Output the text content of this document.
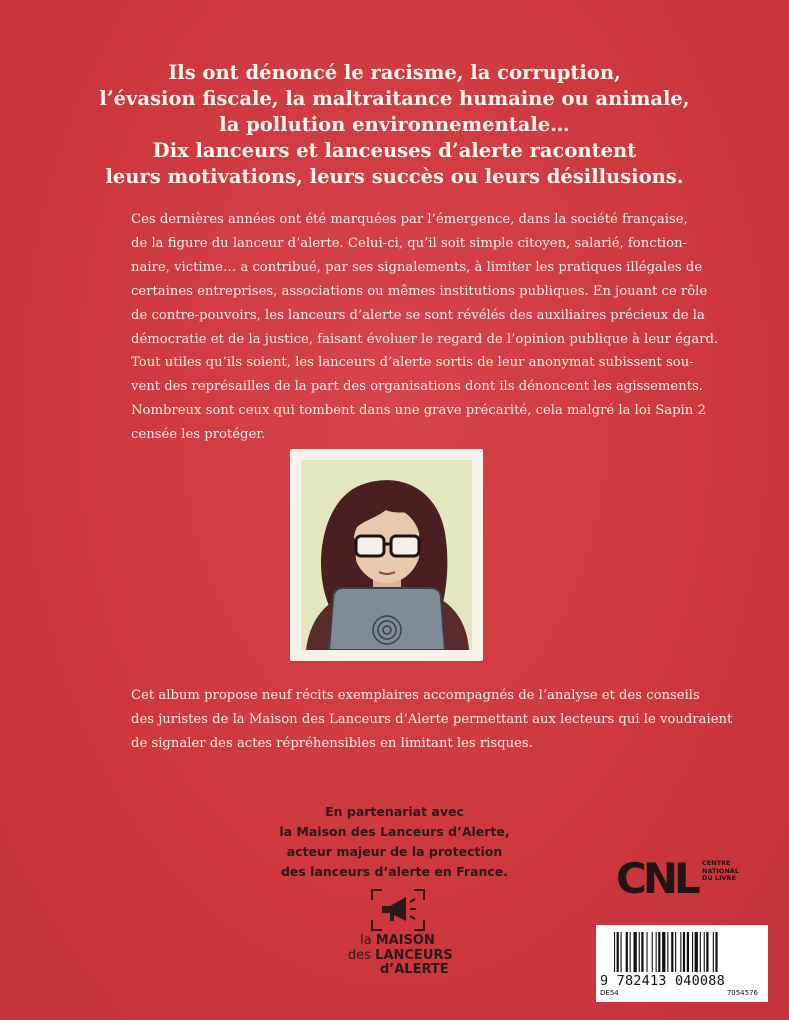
Ils ont dénoncé le racisme, la corruption,
l’évasion fiscale, la maltraitance humaine ou animale,
la pollution environnementale…
Dix lanceurs et lanceuses d’alerte racontent
leurs motivations, leurs succès ou leurs désillusions.
Ces dernières années ont été marquées par l’émergence, dans la société française,
de la figure du lanceur d’alerte. Celui-ci, qu’il soit simple citoyen, salarié, fonction-
naire, victime… a contribué, par ses signalements, à limiter les pratiques illégales de
certaines entreprises, associations ou mêmes institutions publiques. En jouant ce rôle
de contre-pouvoirs, les lanceurs d’alerte se sont révélés des auxiliaires précieux de la
démocratie et de la justice, faisant évoluer le regard de l’opinion publique à leur égard.
Tout utiles qu’ils soient, les lanceurs d’alerte sortis de leur anonymat subissent sou-
vent des représailles de la part des organisations dont ils dénoncent les agissements.
Nombreux sont ceux qui tombent dans une grave précarité, cela malgré la loi Sapin 2
censée les protéger.
Cet album propose neuf récits exemplaires accompagnés de l’analyse et des conseils
des juristes de la Maison des Lanceurs d’Alerte permettant aux lecteurs qui le voudraient
de signaler des actes répréhensibles en limitant les risques.
En partenariat avec
la Maison des Lanceurs d’Alerte,
acteur majeur de la protection
des lanceurs d’alerte en France.
la MAISON
des LANCEURS
d’ALERTE
CNL CENTRE
NATIONAL
DU LIVRE
9 782413 040088
DE54	7054576
